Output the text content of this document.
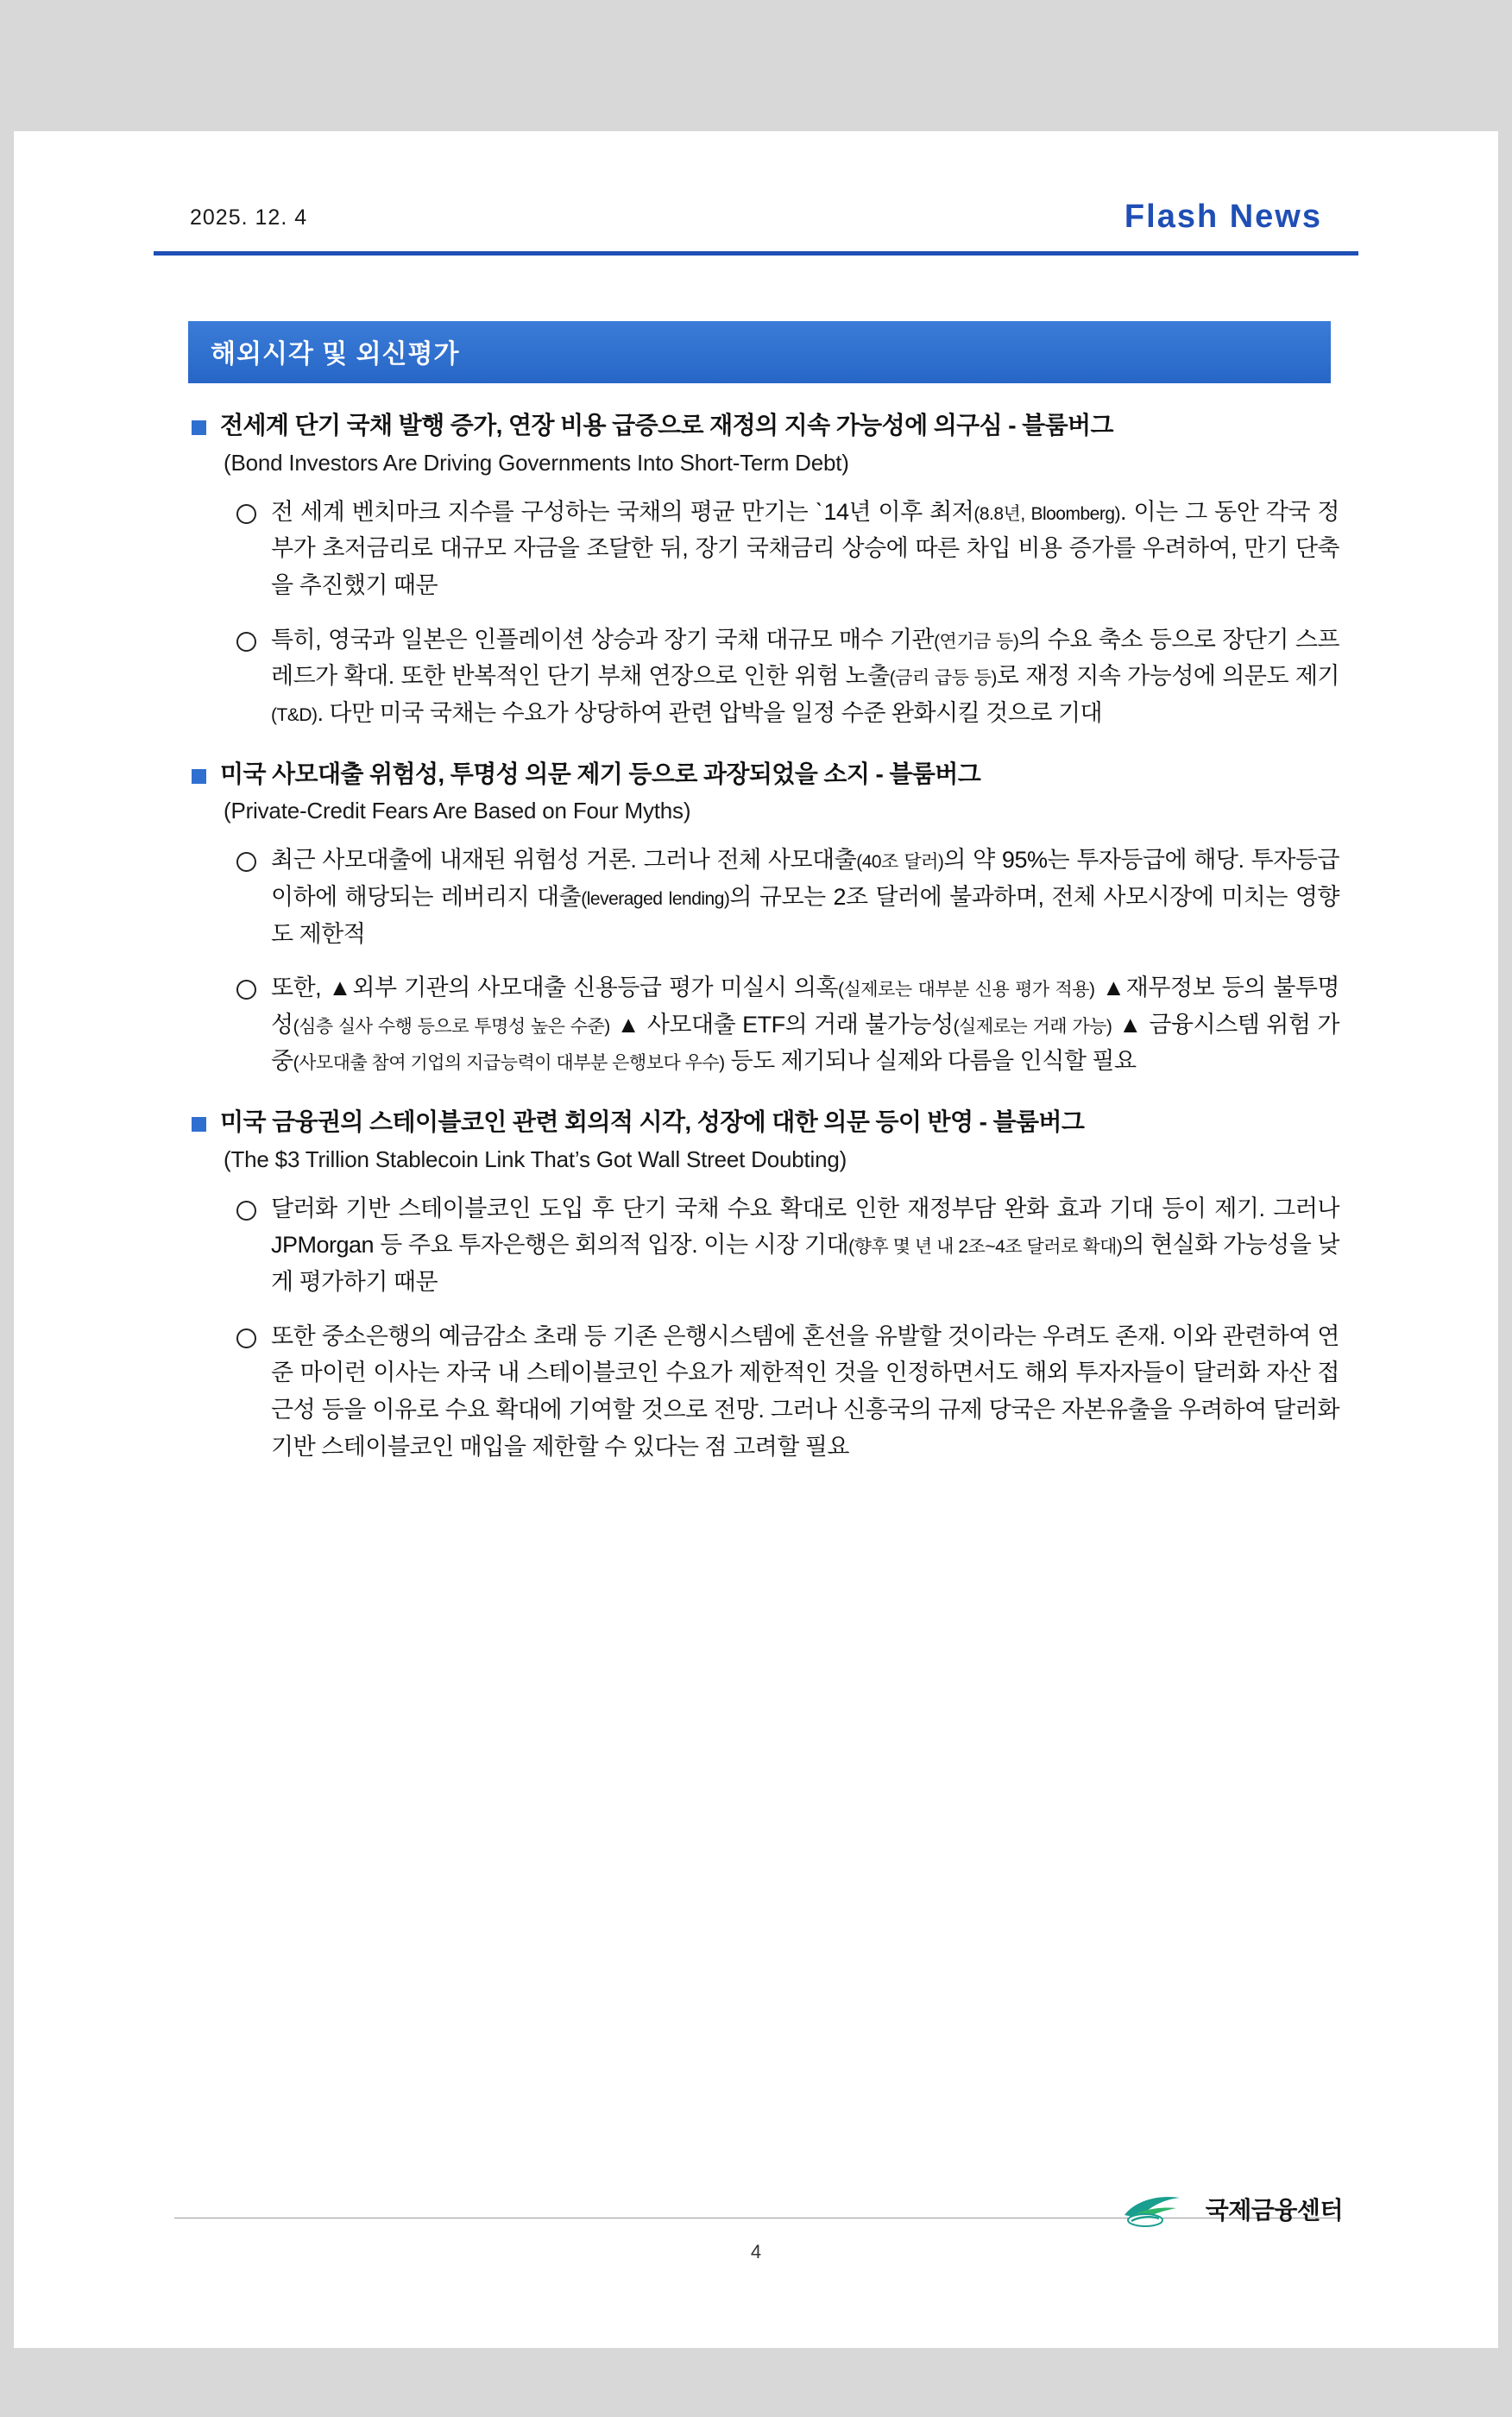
2025. 12. 4	Flash News
해외시각 및 외신평가
전세계 단기 국채 발행 증가, 연장 비용 급증으로 재정의 지속 가능성에 의구심 - 블룸버그
(Bond Investors Are Driving Governments Into Short-Term Debt)
전 세계 벤치마크 지수를 구성하는 국채의 평균 만기는 ˋ14년 이후 최저(8.8년, Bloomberg). 이는 그 동안 각국 정부가 초저금리로 대규모 자금을 조달한 뒤, 장기 국채금리 상승에 따른 차입 비용 증가를 우려하여, 만기 단축을 추진했기 때문
특히, 영국과 일본은 인플레이션 상승과 장기 국채 대규모 매수 기관(연기금 등)의 수요 축소 등으로 장단기 스프레드가 확대. 또한 반복적인 단기 부채 연장으로 인한 위험 노출(금리 급등 등)로 재정 지속 가능성에 의문도 제기(T&D). 다만 미국 국채는 수요가 상당하여 관련 압박을 일정 수준 완화시킬 것으로 기대
미국 사모대출 위험성, 투명성 의문 제기 등으로 과장되었을 소지 - 블룸버그
(Private-Credit Fears Are Based on Four Myths)
최근 사모대출에 내재된 위험성 거론. 그러나 전체 사모대출(40조 달러)의 약 95%는 투자등급에 해당. 투자등급 이하에 해당되는 레버리지 대출(leveraged lending)의 규모는 2조 달러에 불과하며, 전체 사모시장에 미치는 영향도 제한적
또한, ▲외부 기관의 사모대출 신용등급 평가 미실시 의혹(실제로는 대부분 신용 평가 적용) ▲재무정보 등의 불투명성(심층 실사 수행 등으로 투명성 높은 수준) ▲ 사모대출 ETF의 거래 불가능성(실제로는 거래 가능) ▲ 금융시스템 위험 가중(사모대출 참여 기업의 지급능력이 대부분 은행보다 우수) 등도 제기되나 실제와 다름을 인식할 필요
미국 금융권의 스테이블코인 관련 회의적 시각, 성장에 대한 의문 등이 반영 - 블룸버그
(The $3 Trillion Stablecoin Link That’s Got Wall Street Doubting)
달러화 기반 스테이블코인 도입 후 단기 국채 수요 확대로 인한 재정부담 완화 효과 기대 등이 제기. 그러나 JPMorgan 등 주요 투자은행은 회의적 입장. 이는 시장 기대(향후 몇 년 내 2조~4조 달러로 확대)의 현실화 가능성을 낮게 평가하기 때문
또한 중소은행의 예금감소 초래 등 기존 은행시스템에 혼선을 유발할 것이라는 우려도 존재. 이와 관련하여 연준 마이런 이사는 자국 내 스테이블코인 수요가 제한적인 것을 인정하면서도 해외 투자자들이 달러화 자산 접근성 등을 이유로 수요 확대에 기여할 것으로 전망. 그러나 신흥국의 규제 당국은 자본유출을 우려하여 달러화 기반 스테이블코인 매입을 제한할 수 있다는 점 고려할 필요
4
국제금융센터
